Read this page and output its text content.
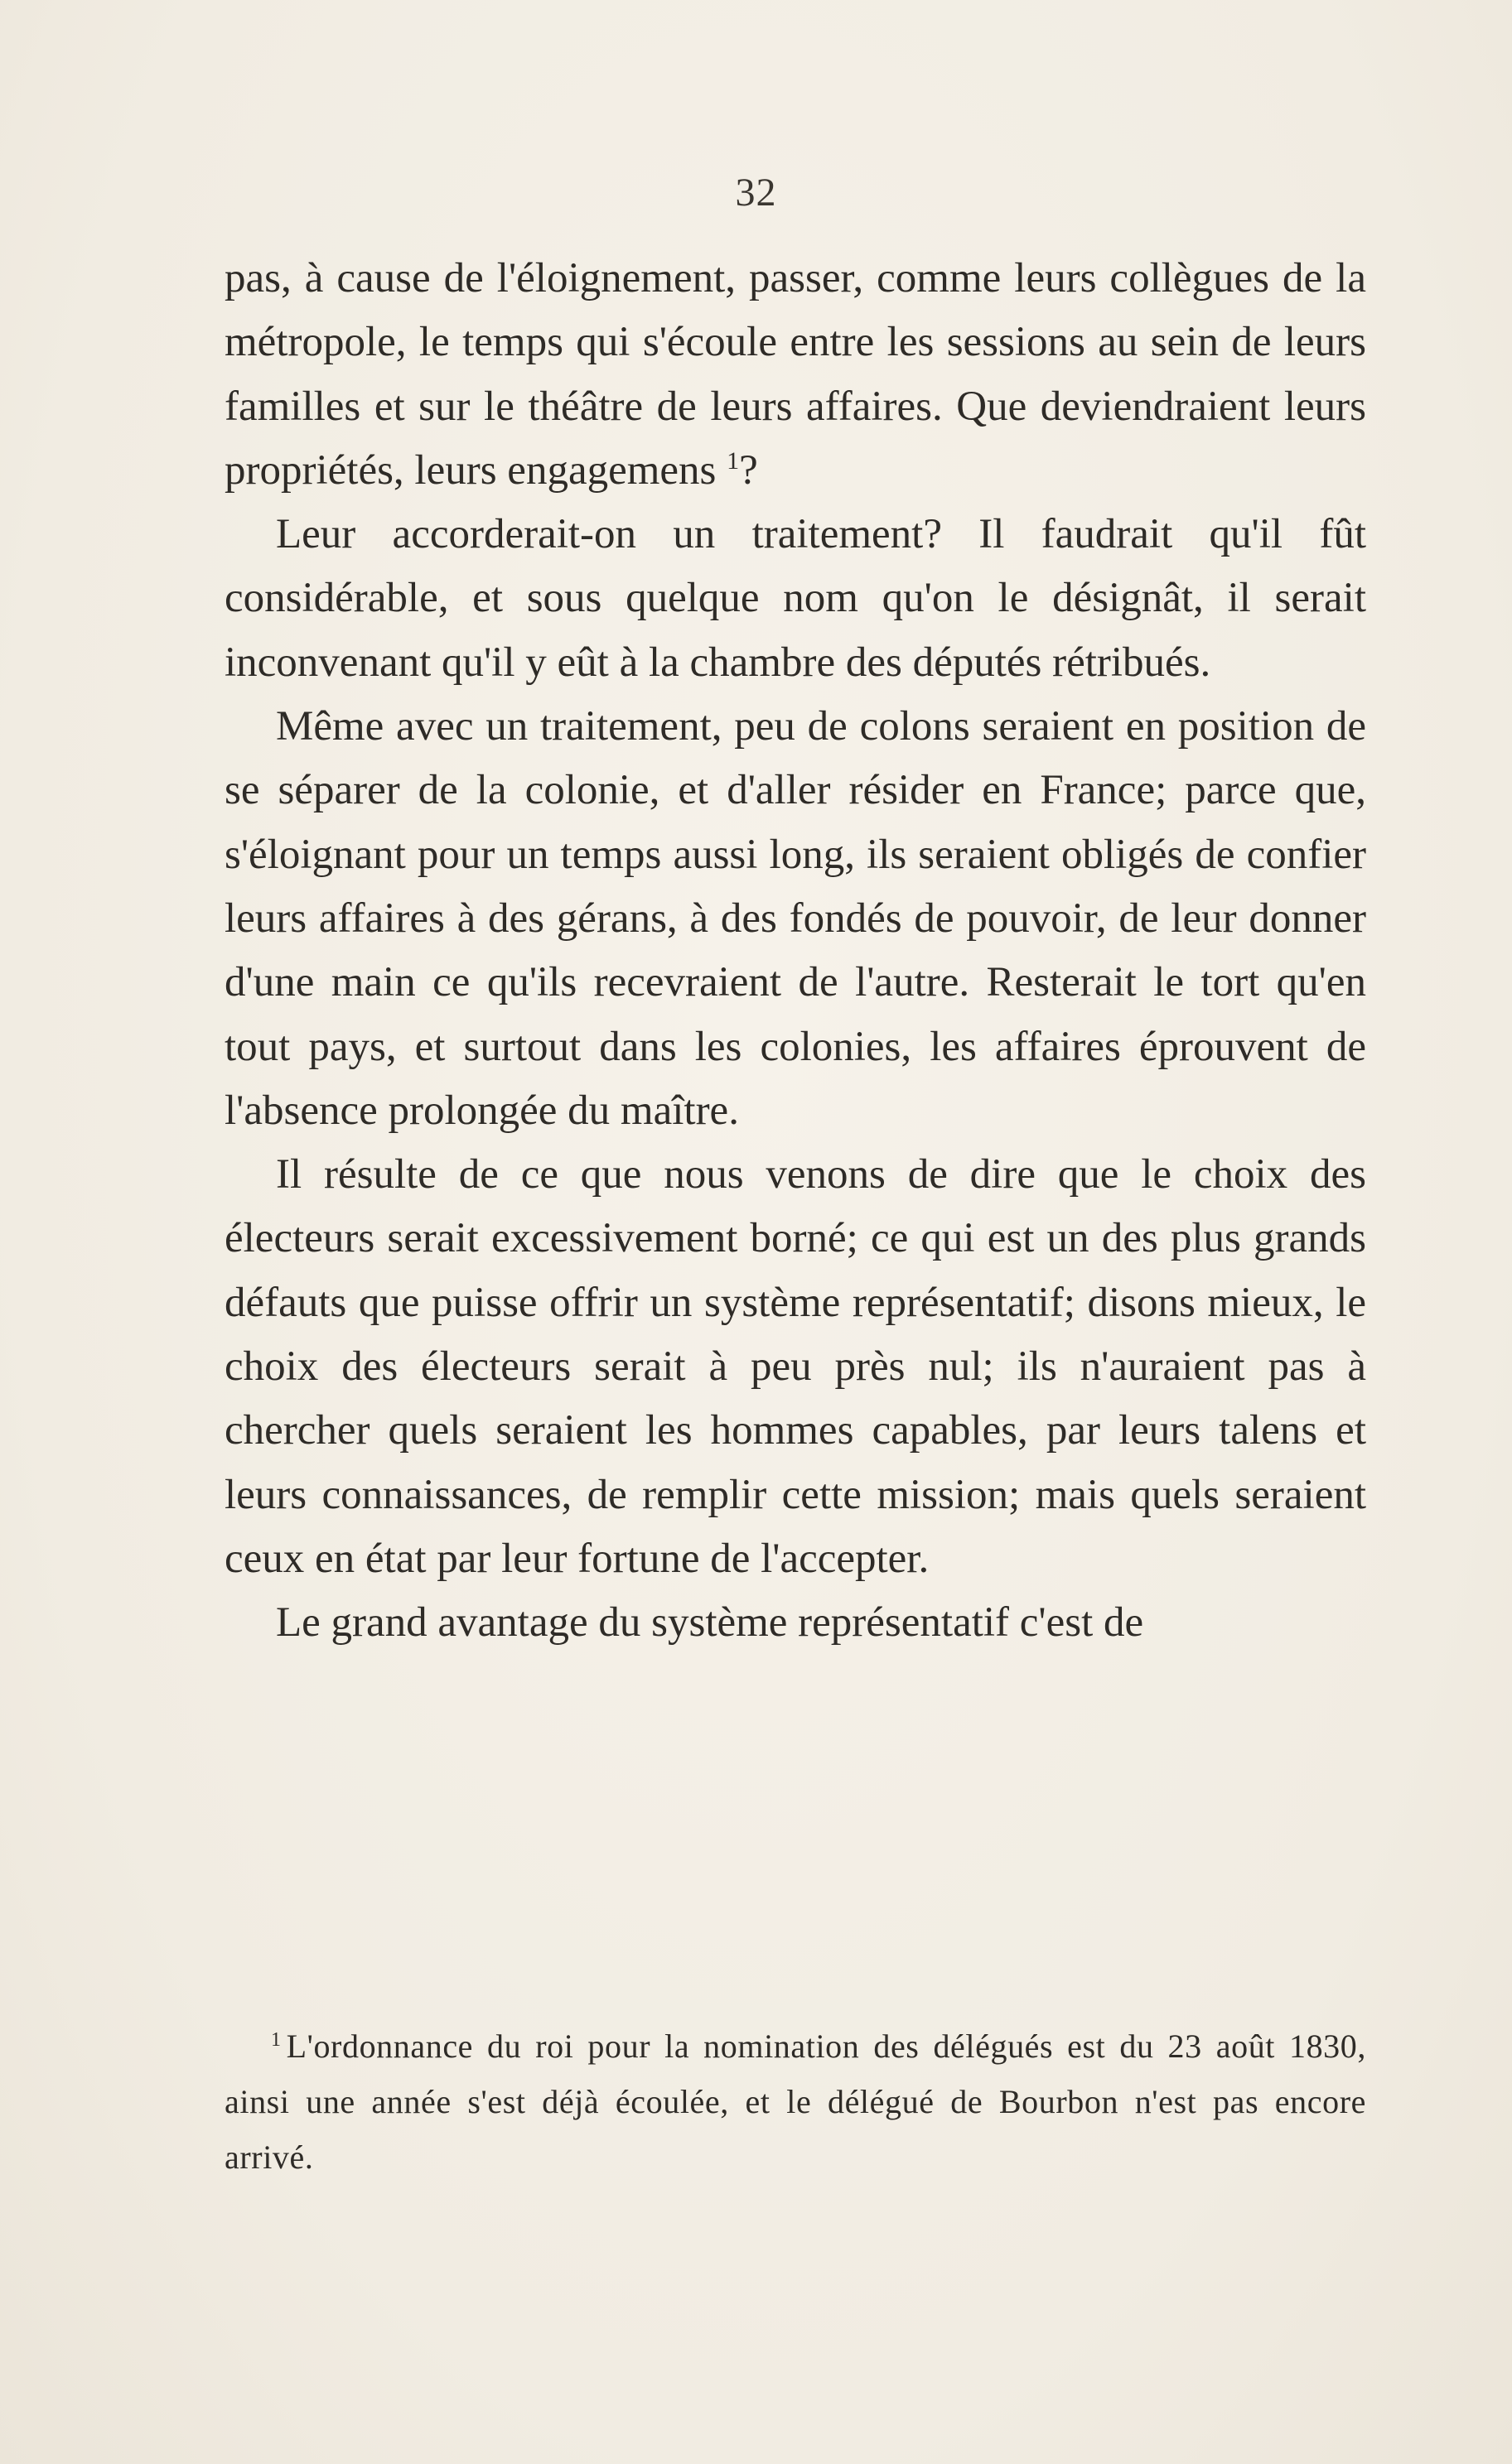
32

pas, à cause de l'éloignement, passer, comme leurs collègues de la métropole, le temps qui s'écoule entre les sessions au sein de leurs familles et sur le théâtre de leurs affaires. Que deviendraient leurs propriétés, leurs engagemens $^1$?

Leur accorderait-on un traitement? Il faudrait qu'il fût considérable, et sous quelque nom qu'on le désignât, il serait inconvenant qu'il y eût à la chambre des députés rétribués.

Même avec un traitement, peu de colons seraient en position de se séparer de la colonie, et d'aller résider en France; parce que, s'éloignant pour un temps aussi long, ils seraient obligés de confier leurs affaires à des gérans, à des fondés de pouvoir, de leur donner d'une main ce qu'ils recevraient de l'autre. Resterait le tort qu'en tout pays, et surtout dans les colonies, les affaires éprouvent de l'absence prolongée du maître.

Il résulte de ce que nous venons de dire que le choix des électeurs serait excessivement borné; ce qui est un des plus grands défauts que puisse offrir un système représentatif; disons mieux, le choix des électeurs serait à peu près nul; ils n'auraient pas à chercher quels seraient les hommes capables, par leurs talens et leurs connaissances, de remplir cette mission; mais quels seraient ceux en état par leur fortune de l'accepter.

Le grand avantage du système représentatif c'est de

$^1$ L'ordonnance du roi pour la nomination des délégués est du 23 août 1830, ainsi une année s'est déjà écoulée, et le délégué de Bourbon n'est pas encore arrivé.
